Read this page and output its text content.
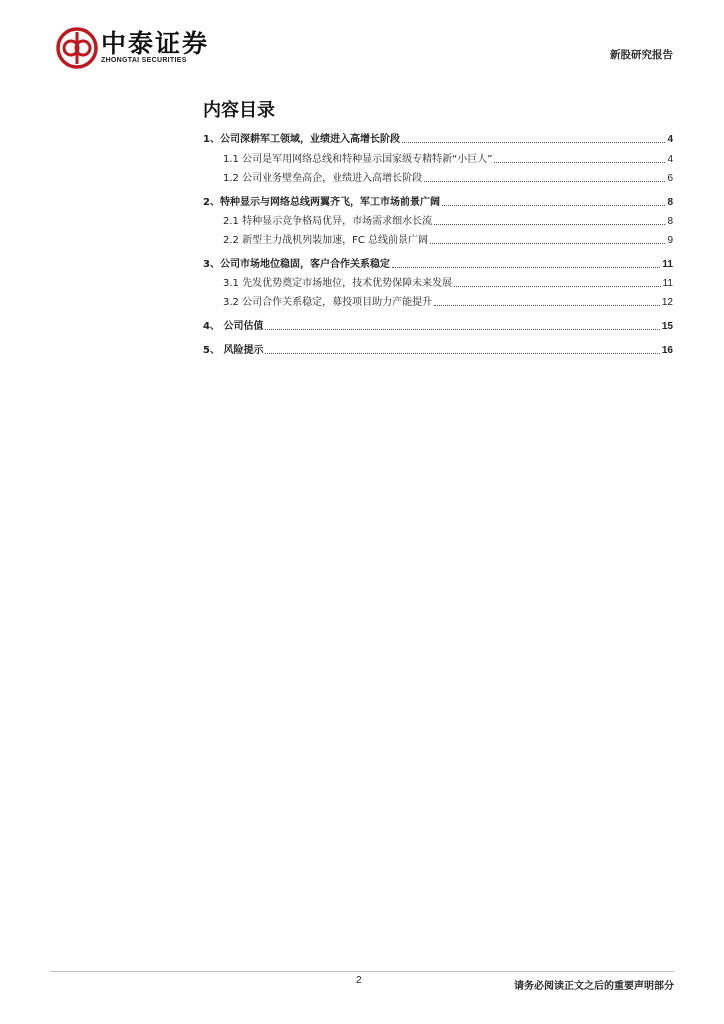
中泰证券
ZHONGTAI SECURITIES	新股研究报告
内容目录
1、公司深耕军工领域，业绩进入高增长阶段	4
1.1 公司是军用网络总线和特种显示国家级专精特新“小巨人”	4
1.2 公司业务壁垒高企，业绩进入高增长阶段	6
2、特种显示与网络总线两翼齐飞，军工市场前景广阔	8
2.1 特种显示竞争格局优异，市场需求细水长流	8
2.2 新型主力战机列装加速，FC 总线前景广阔	9
3、公司市场地位稳固，客户合作关系稳定	11
3.1 先发优势奠定市场地位，技术优势保障未来发展	11
3.2 公司合作关系稳定，募投项目助力产能提升	12
4、 公司估值	15
5、 风险提示	16
2
请务必阅读正文之后的重要声明部分
